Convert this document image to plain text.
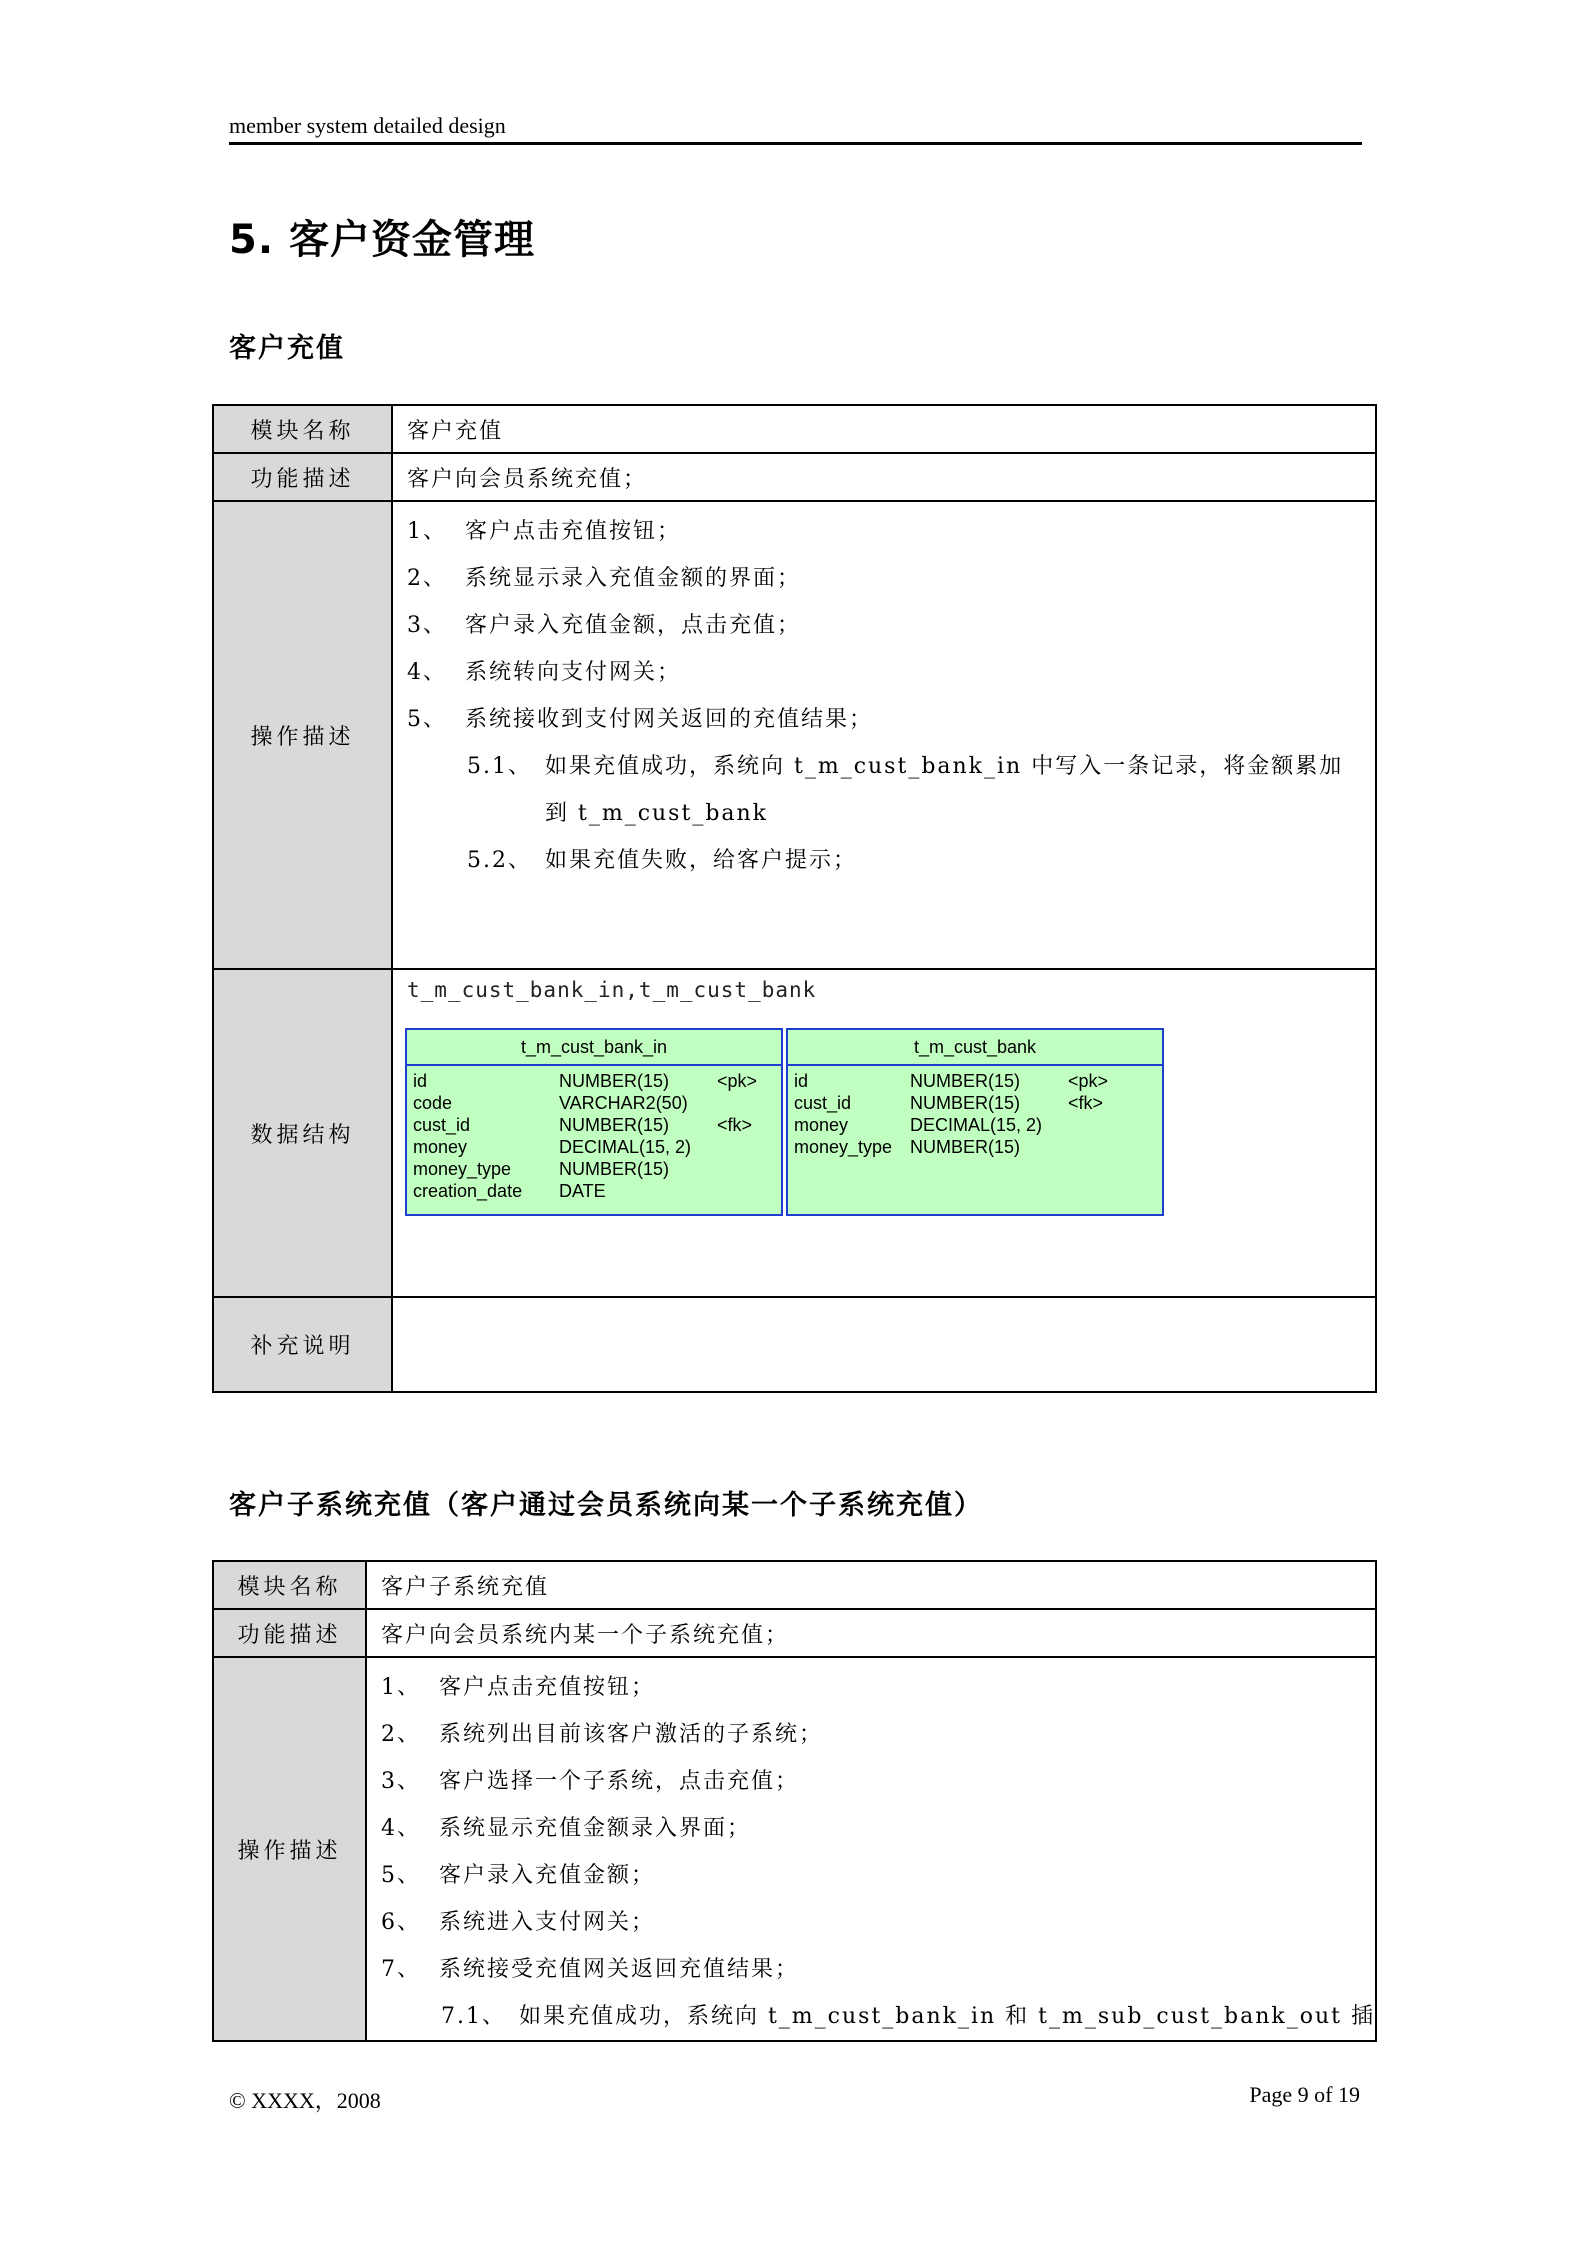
member system detailed design
5. 客户资金管理
客户充值
模块名称	客户充值
功能描述	客户向会员系统充值；
操作描述	
1、 客户点击充值按钮；
2、 系统显示录入充值金额的界面；
3、 客户录入充值金额，点击充值；
4、 系统转向支付网关；
5、 系统接收到支付网关返回的充值结果；
5.1、 如果充值成功，系统向 t_m_cust_bank_in 中写入一条记录，将金额累加
到 t_m_cust_bank
5.2、 如果充值失败，给客户提示；

数据结构	
t_m_cust_bank_in,t_m_cust_bank
t_m_cust_bank_in
id	NUMBER(15)	<pk>
code	VARCHAR2(50)
cust_id	NUMBER(15)	<fk>
money	DECIMAL(15, 2)
money_type	NUMBER(15)
creation_date	DATE
t_m_cust_bank
id	NUMBER(15)	<pk>
cust_id	NUMBER(15)	<fk>
money	DECIMAL(15, 2)
money_type NUMBER(15)

补充说明	
客户子系统充值（客户通过会员系统向某一个子系统充值）
模块名称	客户子系统充值
功能描述	客户向会员系统内某一个子系统充值；
操作描述	
1、 客户点击充值按钮；
2、 系统列出目前该客户激活的子系统；
3、 客户选择一个子系统，点击充值；
4、 系统显示充值金额录入界面；
5、 客户录入充值金额；
6、 系统进入支付网关；
7、 系统接受充值网关返回充值结果；
7.1、 如果充值成功，系统向 t_m_cust_bank_in 和 t_m_sub_cust_bank_out 插
© XXXX，2008	Page 9 of 19
